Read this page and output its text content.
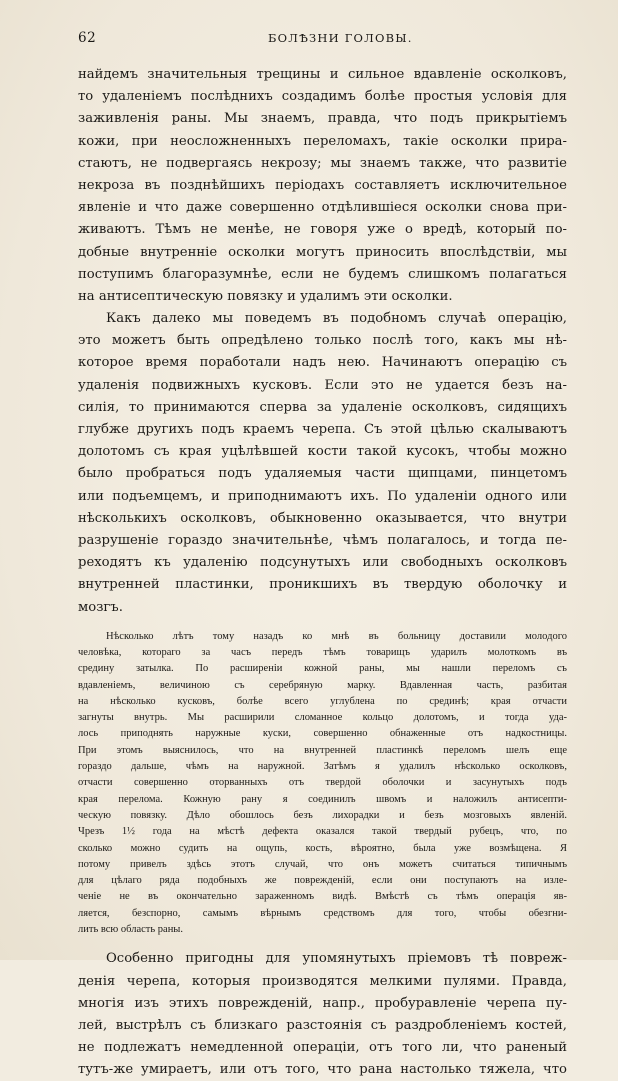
62	БОЛѢЗНИ ГОЛОВЫ.
найдемъ значительныя трещины и сильное вдавленіе осколковъ,
то удаленіемъ послѣднихъ создадимъ болѣе простыя условія для
заживленія раны. Мы знаемъ, правда, что подъ прикрытіемъ
кожи, при неосложненныхъ переломахъ, такіе осколки прира-
стаютъ, не подвергаясь некрозу; мы знаемъ также, что развитіе
некроза въ позднѣйшихъ періодахъ составляетъ исключительное
явленіе и что даже совершенно отдѣлившіеся осколки снова при-
живаютъ. Тѣмъ не менѣе, не говоря уже о вредѣ, который по-
добные внутренніе осколки могутъ приносить впослѣдствіи, мы
поступимъ благоразумнѣе, если не будемъ слишкомъ полагаться
на антисептическую повязку и удалимъ эти осколки.
Какъ далеко мы поведемъ въ подобномъ случаѣ операцію,
это можетъ быть опредѣлено только послѣ того, какъ мы нѣ-
которое время поработали надъ нею. Начинаютъ операцію съ
удаленія подвижныхъ кусковъ. Если это не удается безъ на-
силія, то принимаются сперва за удаленіе осколковъ, сидящихъ
глубже другихъ подъ краемъ черепа. Съ этой цѣлью скалываютъ
долотомъ съ края уцѣлѣвшей кости такой кусокъ, чтобы можно
было пробраться подъ удаляемыя части щипцами, пинцетомъ
или подъемцемъ, и приподнимаютъ ихъ. По удаленіи одного или
нѣсколькихъ осколковъ, обыкновенно оказывается, что внутри
разрушеніе гораздо значительнѣе, чѣмъ полагалось, и тогда пе-
реходятъ къ удаленію подсунутыхъ или свободныхъ осколковъ
внутренней пластинки, проникшихъ въ твердую оболочку и
мозгъ.
Нѣсколько лѣтъ тому назадъ ко мнѣ въ больницу доставили молодого
человѣка, котораго за часъ передъ тѣмъ товарищъ ударилъ молоткомъ въ
средину затылка. По расширеніи кожной раны, мы нашли переломъ съ
вдавленіемъ, величиною съ серебряную марку. Вдавленная часть, разбитая
на нѣсколько кусковъ, болѣе всего углублена по срединѣ; края отчасти
загнуты внутрь. Мы расширили сломанное кольцо долотомъ, и тогда уда-
лось приподнять наружные куски, совершенно обнаженные отъ надкостницы.
При этомъ выяснилось, что на внутренней пластинкѣ переломъ шелъ еще
гораздо дальше, чѣмъ на наружной. Затѣмъ я удалилъ нѣсколько осколковъ,
отчасти совершенно оторванныхъ отъ твердой оболочки и засунутыхъ подъ
края перелома. Кожную рану я соединилъ швомъ и наложилъ антисепти-
ческую повязку. Дѣло обошлось безъ лихорадки и безъ мозговыхъ явленій.
Чрезъ 1½ года на мѣстѣ дефекта оказался такой твердый рубецъ, что, по
сколько можно судить на ощупь, кость, вѣроятно, была уже возмѣщена. Я
потому привелъ здѣсь этотъ случай, что онъ можетъ считаться типичнымъ
для цѣлаго ряда подобныхъ же поврежденій, если они поступаютъ на изле-
ченіе не въ окончательно зараженномъ видѣ. Вмѣстѣ съ тѣмъ операція яв-
ляется, безспорно, самымъ вѣрнымъ средствомъ для того, чтобы обезгни-
лить всю область раны.
Особенно пригодны для упомянутыхъ пріемовъ тѣ повреж-
денія черепа, которыя производятся мелкими пулями. Правда,
многія изъ этихъ поврежденій, напр., пробуравленіе черепа пу-
лей, выстрѣлъ съ близкаго разстоянія съ раздробленіемъ костей,
не подлежатъ немедленной операціи, отъ того ли, что раненый
тутъ-же умираетъ, или отъ того, что рана настолько тяжела, что
